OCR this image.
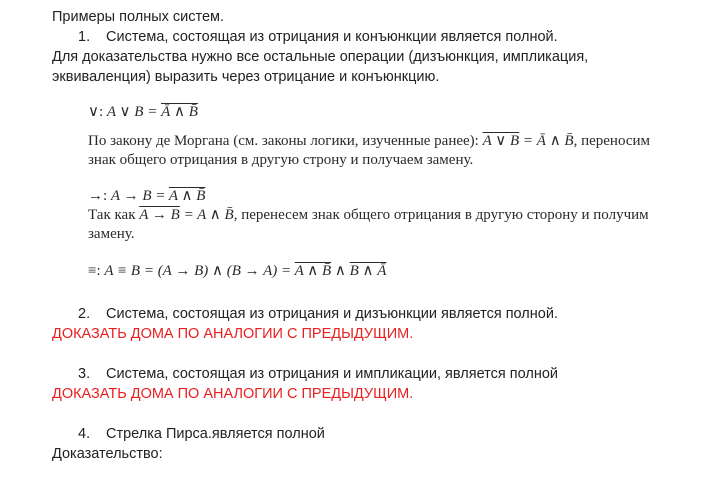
Примеры полных систем.
1. Система, состоящая из отрицания и конъюнкции является полной.
Для доказательства нужно все остальные операции (дизъюнкция, импликация,
эквиваленция) выразить через отрицание и конъюнкцию.
∨: A ∨ B = Ā ∧ B̄
По закону де Моргана (см. законы логики, изученные ранее): A ∨ B = Ā ∧ B̄, переносим
знак общего отрицания в другую строну и получаем замену.
→: A → B = A ∧ B̄
Так как A → B = A ∧ B̄, перенесем знак общего отрицания в другую сторону и получим
замену.
≡: A ≡ B = (A → B) ∧ (B → A) = A ∧ B̄ ∧ B ∧ Ā
2. Система, состоящая из отрицания и дизъюнкции является полной.
ДОКАЗАТЬ ДОМА ПО АНАЛОГИИ С ПРЕДЫДУЩИМ.
3. Система, состоящая из отрицания и импликации, является полной
ДОКАЗАТЬ ДОМА ПО АНАЛОГИИ С ПРЕДЫДУЩИМ.
4. Стрелка Пирса.является полной
Доказательство:
